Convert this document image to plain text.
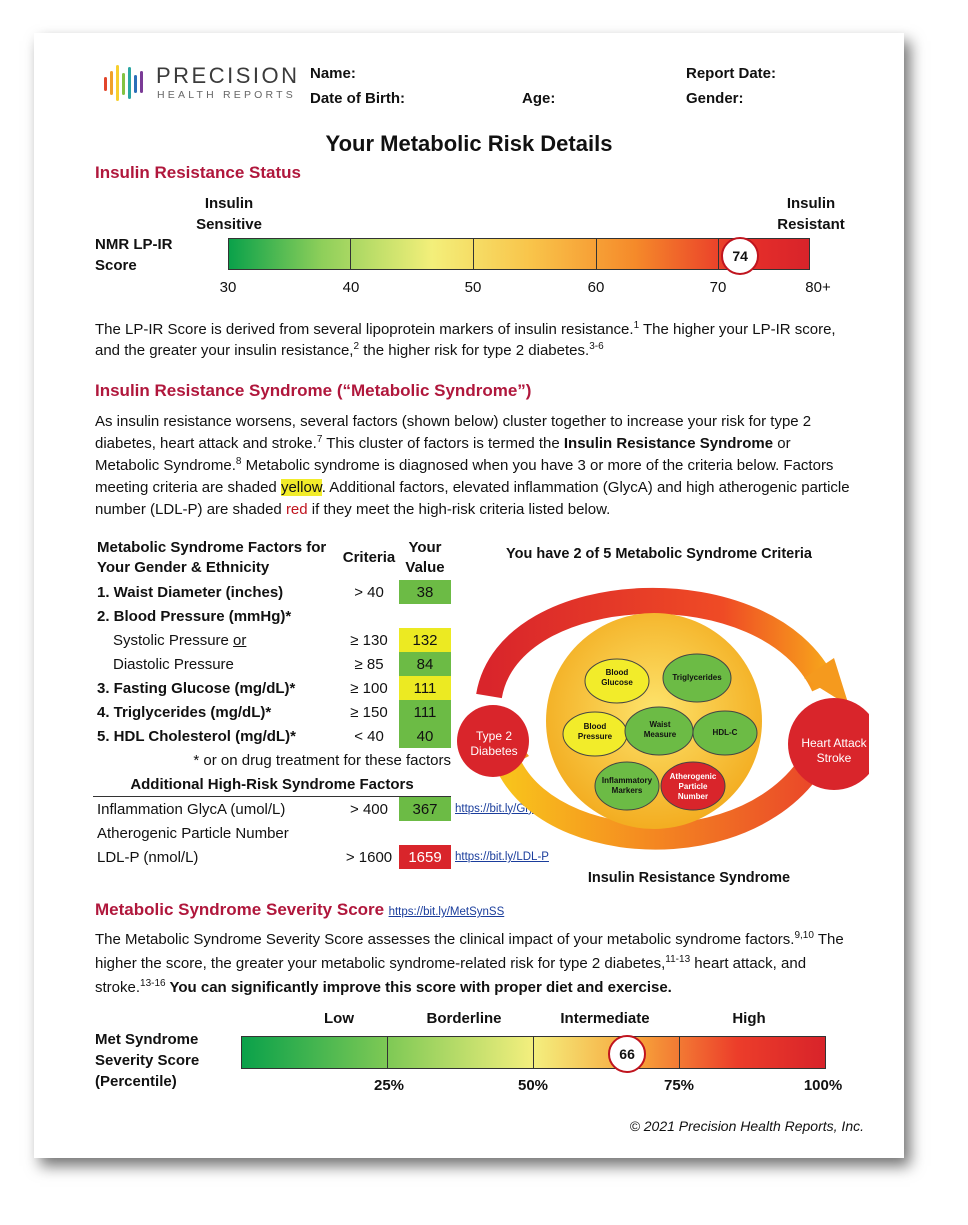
PRECISION
HEALTH REPORTS
Name:
Date of Birth:	Age:
Report Date:
Gender:
Your Metabolic Risk Details
Insulin Resistance Status
Insulin Sensitive
Insulin Resistant
NMR LP-IR Score
74
30	40	50	60	70	80+
The LP-IR Score is derived from several lipoprotein markers of insulin resistance.$^1$ The higher your LP-IR score, and the greater your insulin resistance,$^2$ the higher risk for type 2 diabetes.$^{3-6}$
Insulin Resistance Syndrome (“Metabolic Syndrome”)
As insulin resistance worsens, several factors (shown below) cluster together to increase your risk for type 2 diabetes, heart attack and stroke.$^7$ This cluster of factors is termed the Insulin Resistance Syndrome or Metabolic Syndrome.$^8$ Metabolic syndrome is diagnosed when you have 3 or more of the criteria below. Factors meeting criteria are shaded yellow. Additional factors, elevated inflammation (GlycA) and high atherogenic particle number (LDL-P) are shaded red if they meet the high-risk criteria listed below.
Metabolic Syndrome Factors for Your Gender & Ethnicity	Criteria	Your Value	
1. Waist Diameter (inches)	> 40	38	
2. Blood Pressure (mmHg)*			
Systolic Pressure or	≥ 130	132	
Diastolic Pressure	≥ 85	84	
3. Fasting Glucose (mg/dL)*	≥ 100	111	
4. Triglycerides (mg/dL)*	≥ 150	111	
5. HDL Cholesterol (mg/dL)*	< 40	40	
* or on drug treatment for these factors			
Additional High-Risk Syndrome Factors			
Inflammation GlycA (umol/L)	> 400	367	https://bit.ly/Glyc_A
Atherogenic Particle Number			
LDL-P (nmol/L)	> 1600	1659	https://bit.ly/LDL-P
You have 2 of 5 Metabolic Syndrome Criteria
Type 2 Diabetes
Heart Attack Stroke
Blood Glucose
Triglycerides
Blood Pressure
Waist Measure	HDL-C
Inflammatory Markers
Atherogenic Particle Number
Insulin Resistance Syndrome
Metabolic Syndrome Severity Score https://bit.ly/MetSynSS
The Metabolic Syndrome Severity Score assesses the clinical impact of your metabolic syndrome factors.$^{9,10}$ The higher the score, the greater your metabolic syndrome-related risk for type 2 diabetes,$^{11-13}$ heart attack, and stroke.$^{13-16}$ You can significantly improve this score with proper diet and exercise.
Met Syndrome Severity Score (Percentile)
Low	Borderline	Intermediate	High
66
25%	50%	75%	100%
© 2021 Precision Health Reports, Inc.
